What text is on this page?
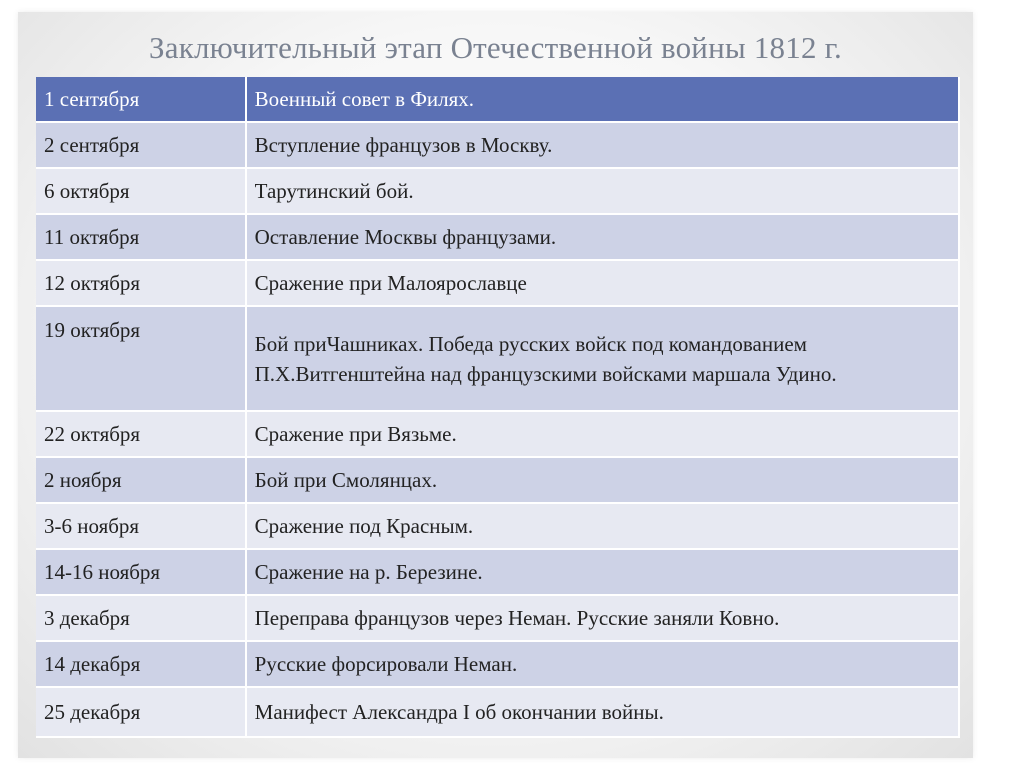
Заключительный этап Отечественной войны 1812 г.
1 сентября	Военный совет в Филях.
2 сентября	Вступление французов в Москву.
6 октября	Тарутинский бой.
11 октября	Оставление Москвы французами.
12 октября	Сражение при Малоярославце
19 октября	Бой приЧашниках. Победа русских войск под командованием П.Х.Витгенштейна над французскими войсками маршала Удино.
22 октября	Сражение при Вязьме.
2 ноября	Бой при Смолянцах.
3-6 ноября	Сражение под Красным.
14-16 ноября	Сражение на р. Березине.
3 декабря	Переправа французов через Неман. Русские заняли Ковно.
14 декабря	Русские форсировали Неман.
25 декабря	Манифест Александра I об окончании войны.
